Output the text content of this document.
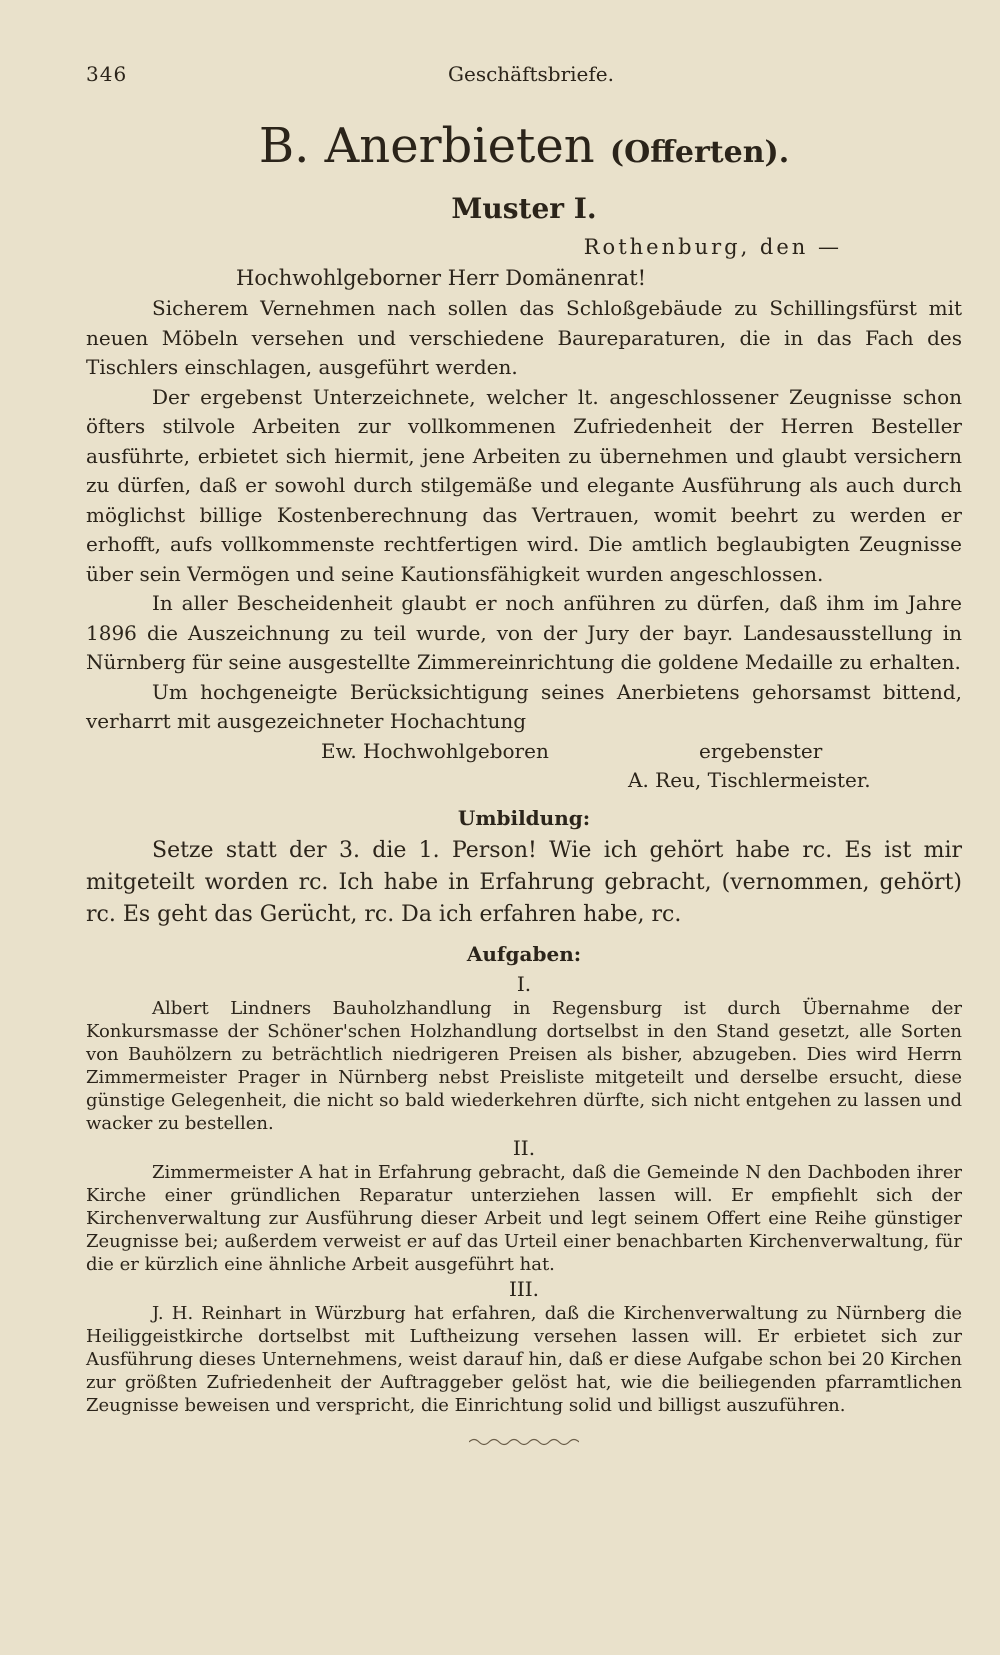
346	Geschäftsbriefe.
B. Anerbieten (Offerten).
Muster I.
Rothenburg, den —
Hochwohlgeborner Herr Domänenrat!

Sicherem Vernehmen nach sollen das Schloßgebäude zu Schillingsfürst mit neuen Möbeln versehen und verschiedene Baureparaturen, die in das Fach des Tischlers einschlagen, ausgeführt werden.

Der ergebenst Unterzeichnete, welcher lt. angeschlossener Zeugnisse schon öfters stilvole Arbeiten zur vollkommenen Zufriedenheit der Herren Besteller ausführte, erbietet sich hiermit, jene Arbeiten zu übernehmen und glaubt versichern zu dürfen, daß er sowohl durch stilgemäße und elegante Ausführung als auch durch möglichst billige Kostenberechnung das Vertrauen, womit beehrt zu werden er erhofft, aufs vollkommenste rechtfertigen wird. Die amtlich beglaubigten Zeugnisse über sein Vermögen und seine Kautionsfähigkeit wurden angeschlossen.

In aller Bescheidenheit glaubt er noch anführen zu dürfen, daß ihm im Jahre 1896 die Auszeichnung zu teil wurde, von der Jury der bayr. Landesausstellung in Nürnberg für seine ausgestellte Zimmereinrichtung die goldene Medaille zu erhalten.

Um hochgeneigte Berücksichtigung seines Anerbietens gehorsamst bittend, verharrt mit ausgezeichneter Hochachtung

Ew. Hochwohlgeboren	ergebenster
A. Reu, Tischlermeister.
Umbildung:

Setze statt der 3. die 1. Person! Wie ich gehört habe rc. Es ist mir mitgeteilt worden rc. Ich habe in Erfahrung gebracht, (vernommen, gehört) rc. Es geht das Gerücht, rc. Da ich erfahren habe, rc.

Aufgaben:
I.

Albert Lindners Bauholzhandlung in Regensburg ist durch Übernahme der Konkursmasse der Schöner'schen Holzhandlung dortselbst in den Stand gesetzt, alle Sorten von Bauhölzern zu beträchtlich niedrigeren Preisen als bisher, abzugeben. Dies wird Herrn Zimmermeister Prager in Nürnberg nebst Preisliste mitgeteilt und derselbe ersucht, diese günstige Gelegenheit, die nicht so bald wiederkehren dürfte, sich nicht entgehen zu lassen und wacker zu bestellen.

II.

Zimmermeister A hat in Erfahrung gebracht, daß die Gemeinde N den Dachboden ihrer Kirche einer gründlichen Reparatur unterziehen lassen will. Er empfiehlt sich der Kirchenverwaltung zur Ausführung dieser Arbeit und legt seinem Offert eine Reihe günstiger Zeugnisse bei; außerdem verweist er auf das Urteil einer benachbarten Kirchenverwaltung, für die er kürzlich eine ähnliche Arbeit ausgeführt hat.

III.

J. H. Reinhart in Würzburg hat erfahren, daß die Kirchenverwaltung zu Nürnberg die Heiliggeistkirche dortselbst mit Luftheizung versehen lassen will. Er erbietet sich zur Ausführung dieses Unternehmens, weist darauf hin, daß er diese Aufgabe schon bei 20 Kirchen zur größten Zufriedenheit der Auftraggeber gelöst hat, wie die beiliegenden pfarramtlichen Zeugnisse beweisen und verspricht, die Einrichtung solid und billigst auszuführen.
